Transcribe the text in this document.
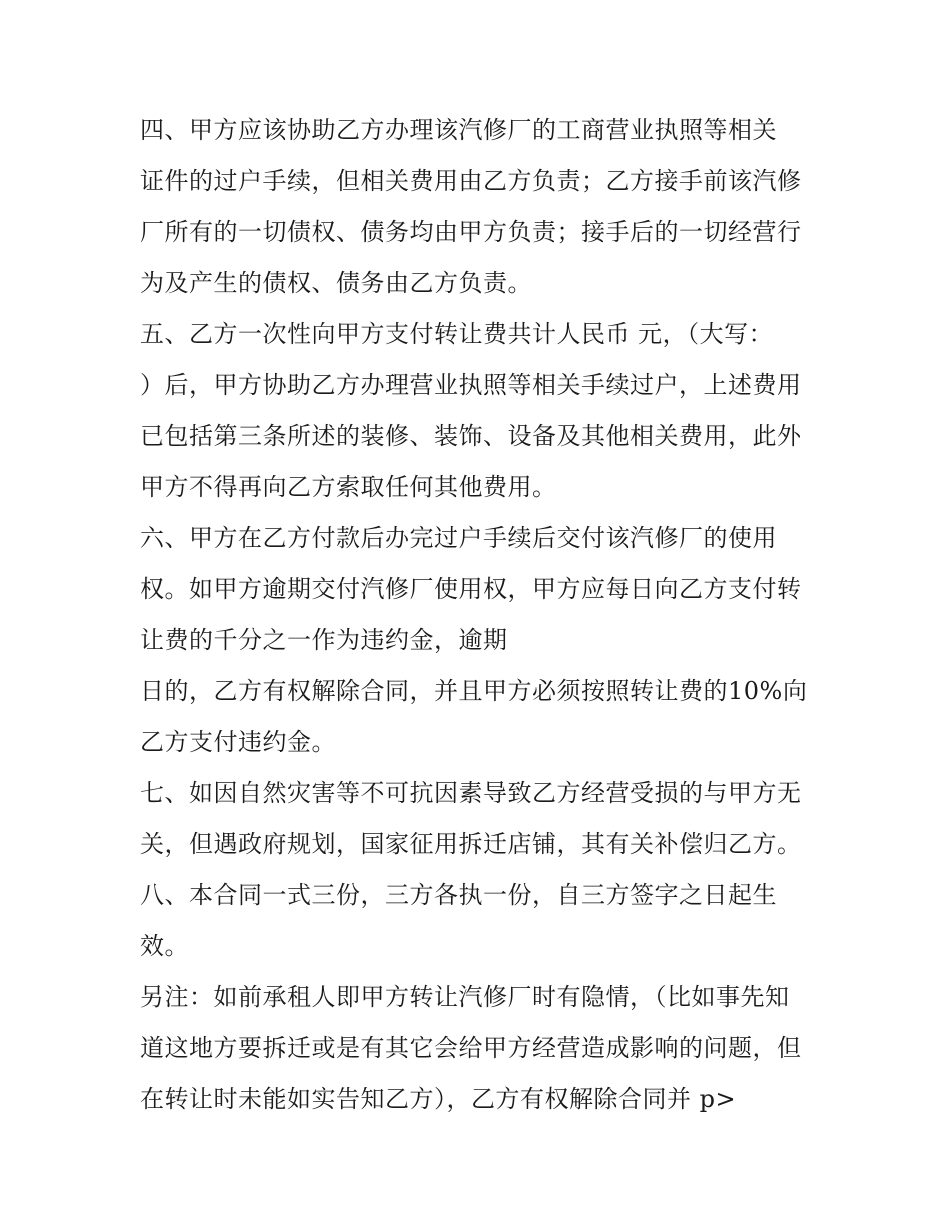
四、甲方应该协助乙方办理该汽修厂的工商营业执照等相关
证件的过户手续，但相关费用由乙方负责；乙方接手前该汽修
厂所有的一切债权、债务均由甲方负责；接手后的一切经营行
为及产生的债权、债务由乙方负责。
五、乙方一次性向甲方支付转让费共计人民币 元，（大写：
）后，甲方协助乙方办理营业执照等相关手续过户，上述费用
已包括第三条所述的装修、装饰、设备及其他相关费用，此外
甲方不得再向乙方索取任何其他费用。
六、甲方在乙方付款后办完过户手续后交付该汽修厂的使用
权。如甲方逾期交付汽修厂使用权，甲方应每日向乙方支付转
让费的千分之一作为违约金，逾期
日的，乙方有权解除合同，并且甲方必须按照转让费的10%向
乙方支付违约金。
七、如因自然灾害等不可抗因素导致乙方经营受损的与甲方无
关，但遇政府规划，国家征用拆迁店铺，其有关补偿归乙方。
八、本合同一式三份，三方各执一份，自三方签字之日起生
效。
另注：如前承租人即甲方转让汽修厂时有隐情，（比如事先知
道这地方要拆迁或是有其它会给甲方经营造成影响的问题，但
在转让时未能如实告知乙方），乙方有权解除合同并 p>
